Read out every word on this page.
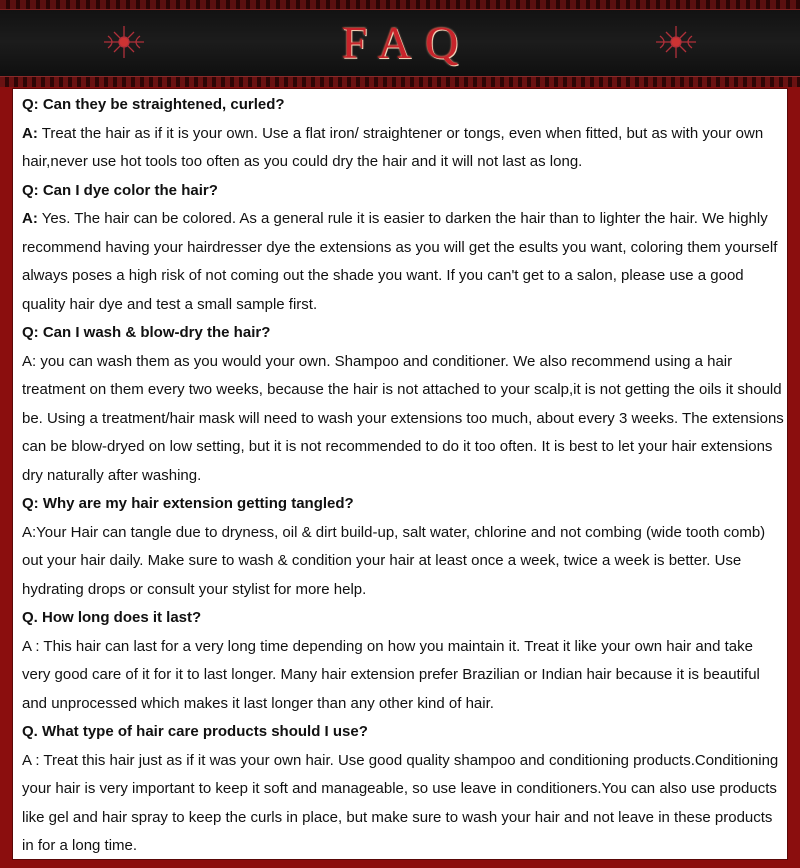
FAQ

Q: Can they be straightened, curled?

A: Treat the hair as if it is your own. Use a flat iron/ straightener or tongs, even when fitted, but as with your own hair,never use hot tools too often as you could dry the hair and it will not last as long.

Q: Can I dye color the hair?

A: Yes. The hair can be colored. As a general rule it is easier to darken the hair than to lighter the hair. We highly recommend having your hairdresser dye the extensions as you will get the esults you want, coloring them yourself always poses a high risk of not coming out the shade you want. If you can't get to a salon, please use a good quality hair dye and test a small sample first.

Q: Can I wash & blow-dry the hair?

A: you can wash them as you would your own. Shampoo and conditioner. We also recommend using a hair treatment on them every two weeks, because the hair is not attached to your scalp,it is not getting the oils it should be. Using a treatment/hair mask will need to wash your extensions too much, about every 3 weeks. The extensions can be blow-dryed on low setting, but it is not recommended to do it too often. It is best to let your hair extensions dry naturally after washing.

Q: Why are my hair extension getting tangled?

A:Your Hair can tangle due to dryness, oil & dirt build-up, salt water, chlorine and not combing (wide tooth comb) out your hair daily. Make sure to wash & condition your hair at least once a week, twice a week is better. Use hydrating drops or consult your stylist for more help.

Q. How long does it last?

A : This hair can last for a very long time depending on how you maintain it. Treat it like your own hair and take very good care of it for it to last longer. Many hair extension prefer Brazilian or Indian hair because it is beautiful and unprocessed which makes it last longer than any other kind of hair.

Q. What type of hair care products should I use?

A : Treat this hair just as if it was your own hair. Use good quality shampoo and conditioning products.Conditioning your hair is very important to keep it soft and manageable, so use leave in conditioners.You can also use products like gel and hair spray to keep the curls in place, but make sure to wash your hair and not leave in these products in for a long time.
